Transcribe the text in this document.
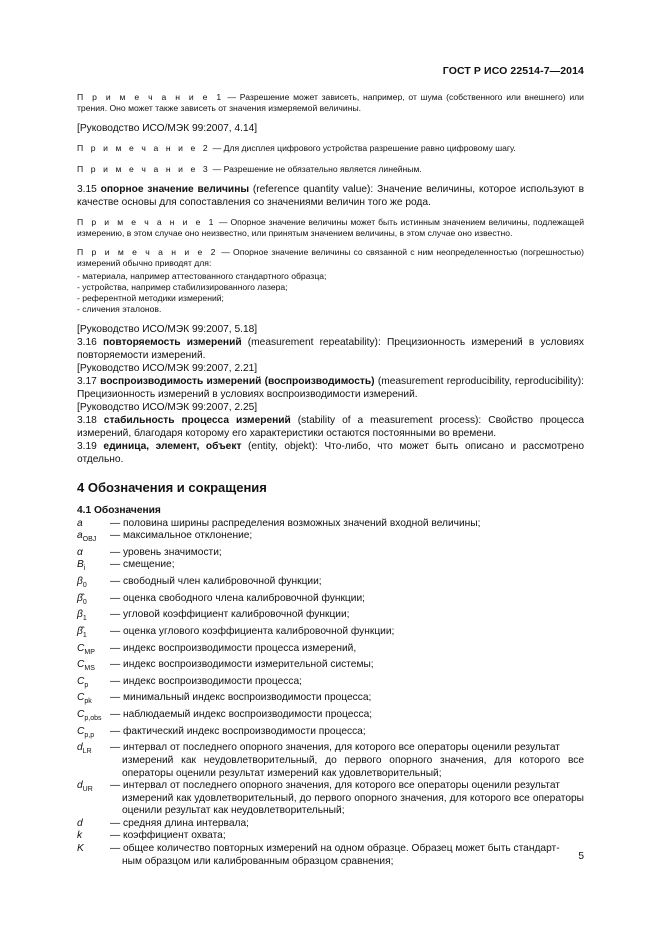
ГОСТ Р ИСО 22514-7—2014

П р и м е ч а н и е 1 — Разрешение может зависеть, например, от шума (собственного или внешнего) или трения. Оно может также зависеть от значения измеряемой величины.

[Руководство ИСО/МЭК 99:2007, 4.14]

П р и м е ч а н и е 2 — Для дисплея цифрового устройства разрешение равно цифровому шагу.

П р и м е ч а н и е 3 — Разрешение не обязательно является линейным.

3.15 опорное значение величины (reference quantity value): Значение величины, которое используют в качестве основы для сопоставления со значениями величин того же рода.

П р и м е ч а н и е 1 — Опорное значение величины может быть истинным значением величины, подлежащей измерению, в этом случае оно неизвестно, или принятым значением величины, в этом случае оно известно.

П р и м е ч а н и е 2 — Опорное значение величины со связанной с ним неопределенностью (погрешностью) измерений обычно приводят для:

- материала, например аттестованного стандартного образца;

- устройства, например стабилизированного лазера;

- референтной методики измерений;

- сличения эталонов.

[Руководство ИСО/МЭК 99:2007, 5.18]

3.16 повторяемость измерений (measurement repeatability): Прецизионность измерений в условиях повторяемости измерений.

[Руководство ИСО/МЭК 99:2007, 2.21]

3.17 воспроизводимость измерений (воспроизводимость) (measurement reproducibility, reproducibility): Прецизионность измерений в условиях воспроизводимости измерений.

[Руководство ИСО/МЭК 99:2007, 2.25]

3.18 стабильность процесса измерений (stability of a measurement process): Свойство процесса измерений, благодаря которому его характеристики остаются постоянными во времени.

3.19 единица, элемент, объект (entity, objekt): Что-либо, что может быть описано и рассмотрено отдельно.

4 Обозначения и сокращения

4.1 Обозначения

a	— половина ширины распределения возможных значений входной величины;
$a_{OBJ}$	— максимальное отклонение;
α	— уровень значимости;
$B_i$	— смещение;
$\beta_0$	— свободный член калибровочной функции;
$\betâ_0$	— оценка свободного члена калибровочной функции;
$\beta_1$	— угловой коэффициент калибровочной функции;
$\betâ_1$	— оценка углового коэффициента калибровочной функции;
$C_{MP}$	— индекс воспроизводимости процесса измерений,
$C_{MS}$	— индекс воспроизводимости измерительной системы;
$C_p$	— индекс воспроизводимости процесса;
$C_{pk}$	— минимальный индекс воспроизводимости процесса;
$C_{p,obs}$ — наблюдаемый индекс воспроизводимости процесса;
$C_{p,p}$	— фактический индекс воспроизводимости процесса;
$d_{LR}$	— интервал от последнего опорного значения, для которого все операторы оценили результат
измерений как неудовлетворительный, до первого опорного значения, для которого все операторы оценили результат измерений как удовлетворительный;
$d_{UR}$	— интервал от последнего опорного значения, для которого все операторы оценили результат
измерений как удовлетворительный, до первого опорного значения, для которого все операторы оценили результат как неудовлетворительный;
d	— средняя длина интервала;
k	— коэффициент охвата;
K	— общее количество повторных измерений на одном образце. Образец может быть стандарт-
ным образцом или калиброванным образцом сравнения;	5
